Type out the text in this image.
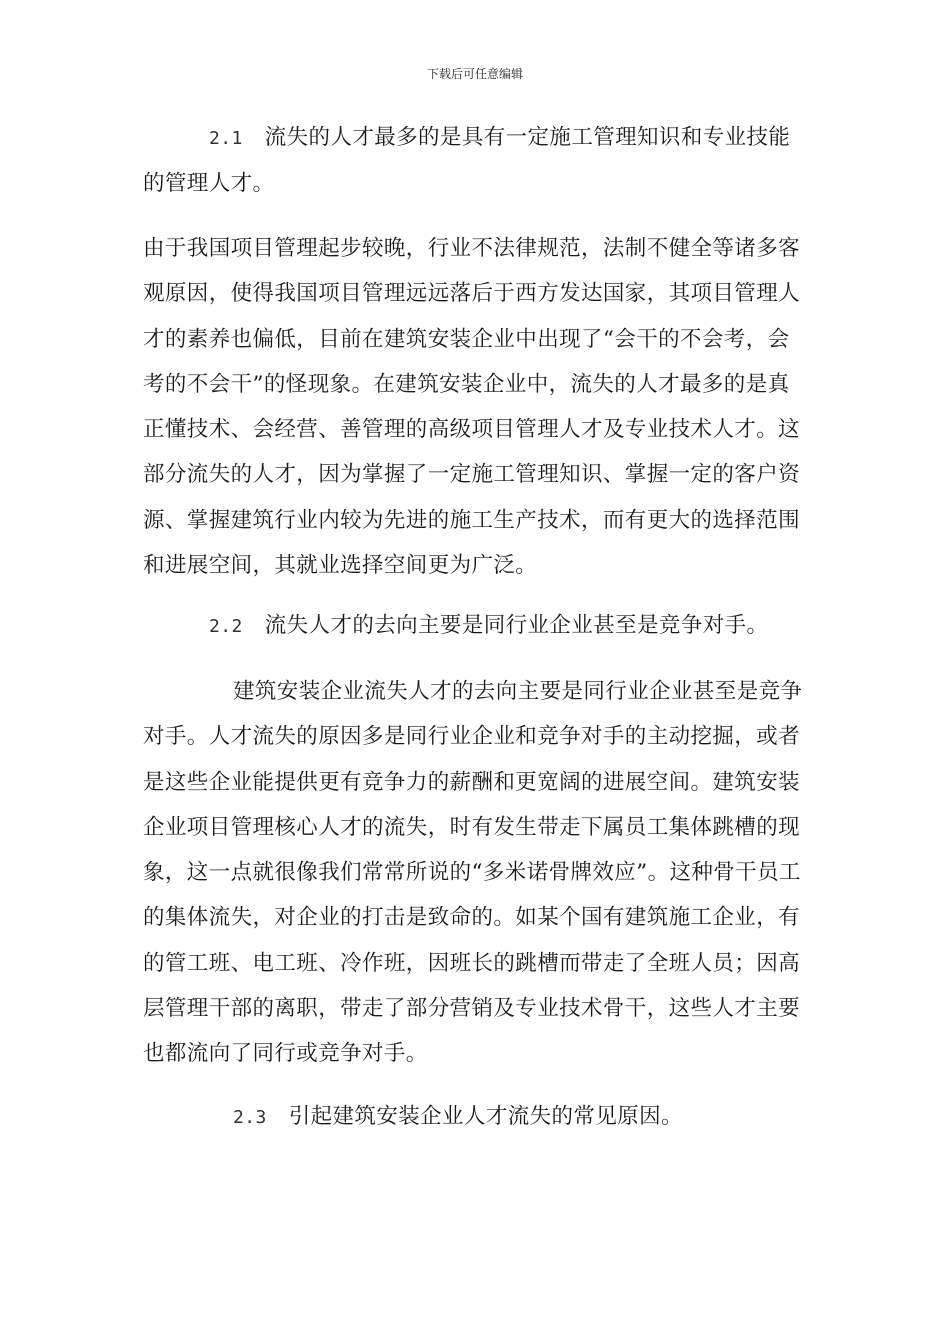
下载后可任意编辑
2.1 流失的人才最多的是具有一定施工管理知识和专业技能的管理人才。
由于我国项目管理起步较晚，行业不法律规范，法制不健全等诸多客观原因，使得我国项目管理远远落后于西方发达国家，其项目管理人才的素养也偏低，目前在建筑安装企业中出现了“会干的不会考，会考的不会干”的怪现象。在建筑安装企业中，流失的人才最多的是真正懂技术、会经营、善管理的高级项目管理人才及专业技术人才。这部分流失的人才，因为掌握了一定施工管理知识、掌握一定的客户资源、掌握建筑行业内较为先进的施工生产技术，而有更大的选择范围和进展空间，其就业选择空间更为广泛。
2.2 流失人才的去向主要是同行业企业甚至是竞争对手。
建筑安装企业流失人才的去向主要是同行业企业甚至是竞争对手。人才流失的原因多是同行业企业和竞争对手的主动挖掘，或者是这些企业能提供更有竞争力的薪酬和更宽阔的进展空间。建筑安装企业项目管理核心人才的流失，时有发生带走下属员工集体跳槽的现象，这一点就很像我们常常所说的“多米诺骨牌效应”。这种骨干员工的集体流失，对企业的打击是致命的。如某个国有建筑施工企业，有的管工班、电工班、冷作班，因班长的跳槽而带走了全班人员；因高层管理干部的离职，带走了部分营销及专业技术骨干，这些人才主要也都流向了同行或竞争对手。
2.3 引起建筑安装企业人才流失的常见原因。
